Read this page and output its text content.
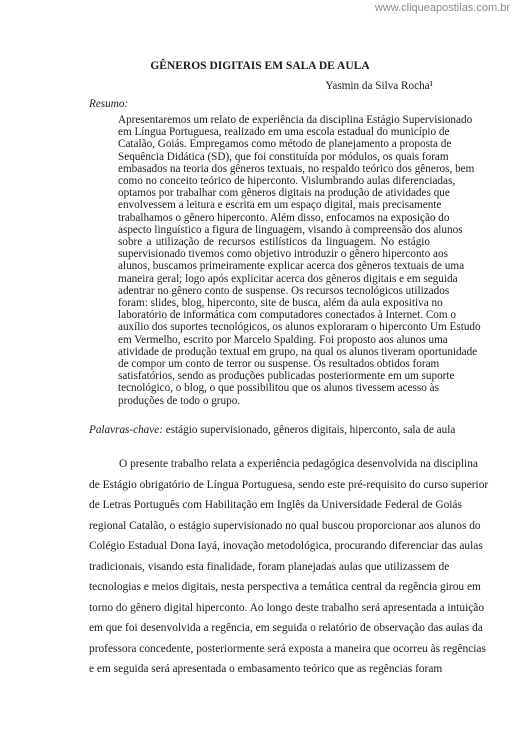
www.cliqueapostilas.com.br
GÊNEROS DIGITAIS EM SALA DE AULA
Yasmin da Silva Rocha¹
Resumo:
Apresentaremos um relato de experiência da disciplina Estágio Supervisionado
em Língua Portuguesa, realizado em uma escola estadual do município de
Catalão, Goiás. Empregamos como método de planejamento a proposta de
Sequência Didática (SD), que foi constituída por módulos, os quais foram
embasados na teoria dos gêneros textuais, no respaldo teórico dos gêneros, bem
como no conceito teórico de hiperconto. Vislumbrando aulas diferenciadas,
optamos por trabalhar com gêneros digitais na produção de atividades que
envolvessem a leitura e escrita em um espaço digital, mais precisamente
trabalhamos o gênero hiperconto. Além disso, enfocamos na exposição do
aspecto linguístico a figura de linguagem, visando à compreensão dos alunos
sobre a utilização de recursos estilísticos da linguagem. No estágio
supervisionado tivemos como objetivo introduzir o gênero hiperconto aos
alunos, buscamos primeiramente explicar acerca dos gêneros textuais de uma
maneira geral; logo após explicitar acerca dos gêneros digitais e em seguida
adentrar no gênero conto de suspense. Os recursos tecnológicos utilizados
foram: slides, blog, hiperconto, site de busca, além da aula expositiva no
laboratório de informática com computadores conectados à Internet. Com o
auxílio dos suportes tecnológicos, os alunos exploraram o hiperconto Um Estudo
em Vermelho, escrito por Marcelo Spalding. Foi proposto aos alunos uma
atividade de produção textual em grupo, na qual os alunos tiveram oportunidade
de compor um conto de terror ou suspense. Os resultados obtidos foram
satisfatórios, sendo as produções publicadas posteriormente em um suporte
tecnológico, o blog, o que possibilitou que os alunos tivessem acesso às
produções de todo o grupo.
Palavras-chave: estágio supervisionado, gêneros digitais, hiperconto, sala de aula
O presente trabalho relata a experiência pedagógica desenvolvida na disciplina
de Estágio obrigatório de Língua Portuguesa, sendo este pré-requisito do curso superior
de Letras Português com Habilitação em Inglês da Universidade Federal de Goiás
regional Catalão, o estágio supervisionado no qual buscou proporcionar aos alunos do
Colégio Estadual Dona Iayá, inovação metodológica, procurando diferenciar das aulas
tradicionais, visando esta finalidade, foram planejadas aulas que utilizassem de
tecnologias e meios digitais, nesta perspectiva a temática central da regência girou em
torno do gênero digital hiperconto. Ao longo deste trabalho será apresentada a intuição
em que foi desenvolvida a regência, em seguida o relatório de observação das aulas da
professora concedente, posteriormente será exposta a maneira que ocorreu às regências
e em seguida será apresentada o embasamento teórico que as regências foram
